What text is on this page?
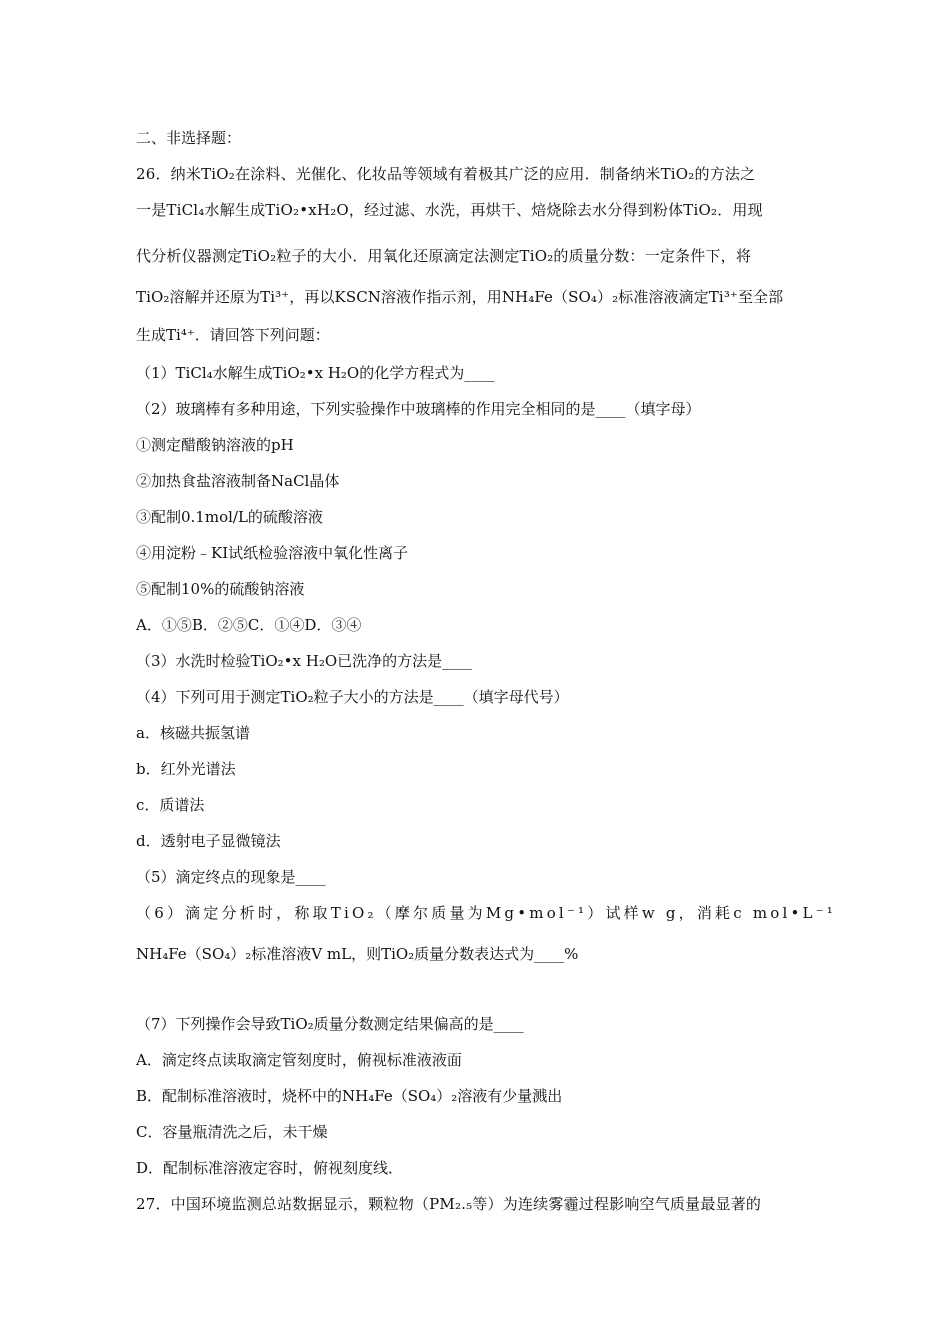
二、非选择题：
26．纳米TiO₂在涂料、光催化、化妆品等领域有着极其广泛的应用．制备纳米TiO₂的方法之
一是TiCl₄水解生成TiO₂•xH₂O，经过滤、水洗，再烘干、焙烧除去水分得到粉体TiO₂．用现
代分析仪器测定TiO₂粒子的大小．用氧化还原滴定法测定TiO₂的质量分数：一定条件下，将
TiO₂溶解并还原为Ti³⁺，再以KSCN溶液作指示剂，用NH₄Fe（SO₄）₂标准溶液滴定Ti³⁺至全部
生成Ti⁴⁺．请回答下列问题：
（1）TiCl₄水解生成TiO₂•x H₂O的化学方程式为____
（2）玻璃棒有多种用途，下列实验操作中玻璃棒的作用完全相同的是____（填字母）
①测定醋酸钠溶液的pH
②加热食盐溶液制备NaCl晶体
③配制0.1mol/L的硫酸溶液
④用淀粉﹣KI试纸检验溶液中氧化性离子
⑤配制10%的硫酸钠溶液
A．①⑤B．②⑤C．①④D．③④
（3）水洗时检验TiO₂•x H₂O已洗净的方法是____
（4）下列可用于测定TiO₂粒子大小的方法是____（填字母代号）
a．核磁共振氢谱
b．红外光谱法
c．质谱法
d．透射电子显微镜法
（5）滴定终点的现象是____
（6）滴定分析时，称取TiO₂（摩尔质量为Mg•mol⁻¹）试样w g，消耗c mol•L⁻¹
NH₄Fe（SO₄）₂标准溶液V mL，则TiO₂质量分数表达式为____%
（7）下列操作会导致TiO₂质量分数测定结果偏高的是____
A．滴定终点读取滴定管刻度时，俯视标准液液面
B．配制标准溶液时，烧杯中的NH₄Fe（SO₄）₂溶液有少量溅出
C．容量瓶清洗之后，未干燥
D．配制标准溶液定容时，俯视刻度线．
27．中国环境监测总站数据显示，颗粒物（PM₂.₅等）为连续雾霾过程影响空气质量最显著的
